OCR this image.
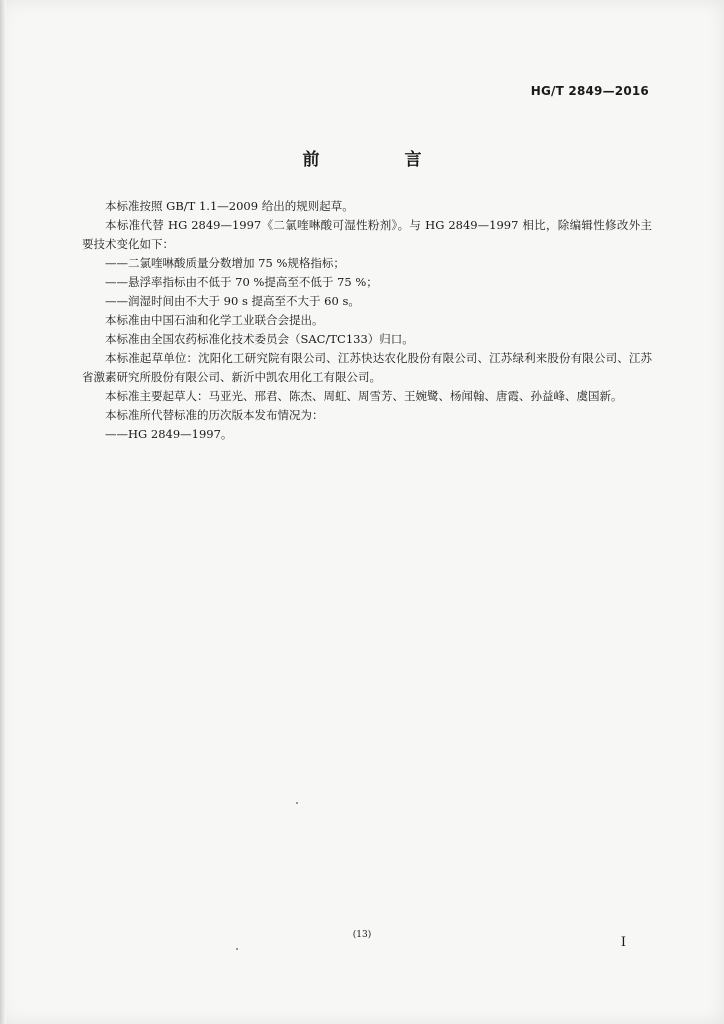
HG/T 2849—2016
前　言

本标准按照 GB/T 1.1—2009 给出的规则起草。

本标准代替 HG 2849—1997《二氯喹啉酸可湿性粉剂》。与 HG 2849—1997 相比，除编辑性修改外主要技术变化如下：

——二氯喹啉酸质量分数增加 75 %规格指标；

——悬浮率指标由不低于 70 %提高至不低于 75 %；

——润湿时间由不大于 90 s 提高至不大于 60 s。

本标准由中国石油和化学工业联合会提出。

本标准由全国农药标准化技术委员会（SAC/TC133）归口。

本标准起草单位：沈阳化工研究院有限公司、江苏快达农化股份有限公司、江苏绿利来股份有限公司、江苏省激素研究所股份有限公司、新沂中凯农用化工有限公司。

本标准主要起草人：马亚光、邢君、陈杰、周虹、周雪芳、王婉鹭、杨闻翰、唐霞、孙益峰、虞国新。

本标准所代替标准的历次版本发布情况为：

——HG 2849—1997。

(13)	I
